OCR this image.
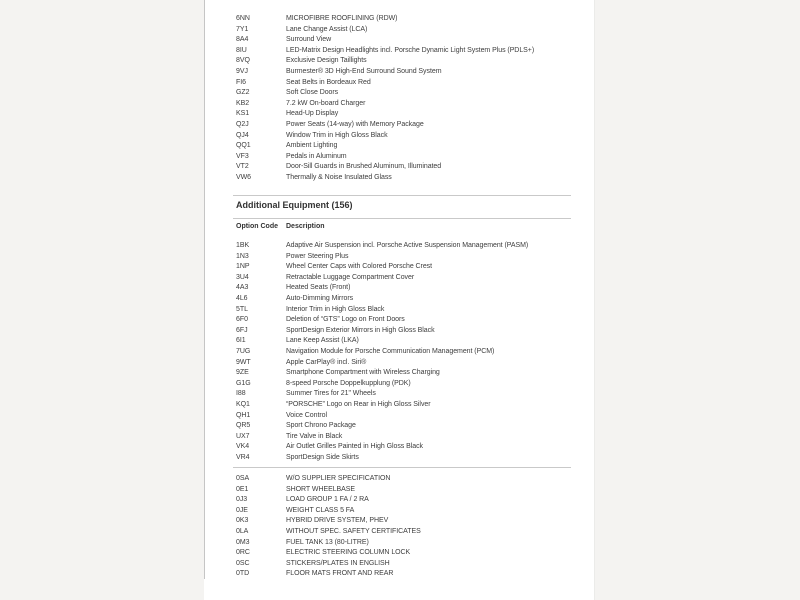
6NN	MICROFIBRE ROOFLINING (RDW)
7Y1	Lane Change Assist (LCA)
8A4	Surround View
8IU	LED-Matrix Design Headlights incl. Porsche Dynamic Light System Plus (PDLS+)
8VQ	Exclusive Design Taillights
9VJ	Burmester® 3D High-End Surround Sound System
FI6	Seat Belts in Bordeaux Red
GZ2	Soft Close Doors
KB2	7.2 kW On-board Charger
KS1	Head-Up Display
Q2J	Power Seats (14-way) with Memory Package
QJ4	Window Trim in High Gloss Black
QQ1	Ambient Lighting
VF3	Pedals in Aluminum
VT2	Door-Sill Guards in Brushed Aluminum, Illuminated
VW6	Thermally & Noise Insulated Glass
Additional Equipment (156)
Option Code Description
1BK	Adaptive Air Suspension incl. Porsche Active Suspension Management (PASM)
1N3	Power Steering Plus
1NP	Wheel Center Caps with Colored Porsche Crest
3U4	Retractable Luggage Compartment Cover
4A3	Heated Seats (Front)
4L6	Auto-Dimming Mirrors
5TL	Interior Trim in High Gloss Black
6F0	Deletion of “GTS” Logo on Front Doors
6FJ	SportDesign Exterior Mirrors in High Gloss Black
6I1	Lane Keep Assist (LKA)
7UG	Navigation Module for Porsche Communication Management (PCM)
9WT	Apple CarPlay® incl. Siri®
9ZE	Smartphone Compartment with Wireless Charging
G1G	8-speed Porsche Doppelkupplung (PDK)
I88	Summer Tires for 21" Wheels
KQ1	“PORSCHE” Logo on Rear in High Gloss Silver
QH1	Voice Control
QR5	Sport Chrono Package
UX7	Tire Valve in Black
VK4	Air Outlet Grilles Painted in High Gloss Black
VR4	SportDesign Side Skirts
0SA	W/O SUPPLIER SPECIFICATION
0E1	SHORT WHEELBASE
0J3	LOAD GROUP 1 FA / 2 RA
0JE	WEIGHT CLASS 5 FA
0K3	HYBRID DRIVE SYSTEM, PHEV
0LA	WITHOUT SPEC. SAFETY CERTIFICATES
0M3	FUEL TANK 13 (80-LITRE)
0RC	ELECTRIC STEERING COLUMN LOCK
0SC	STICKERS/PLATES IN ENGLISH
0TD	FLOOR MATS FRONT AND REAR
